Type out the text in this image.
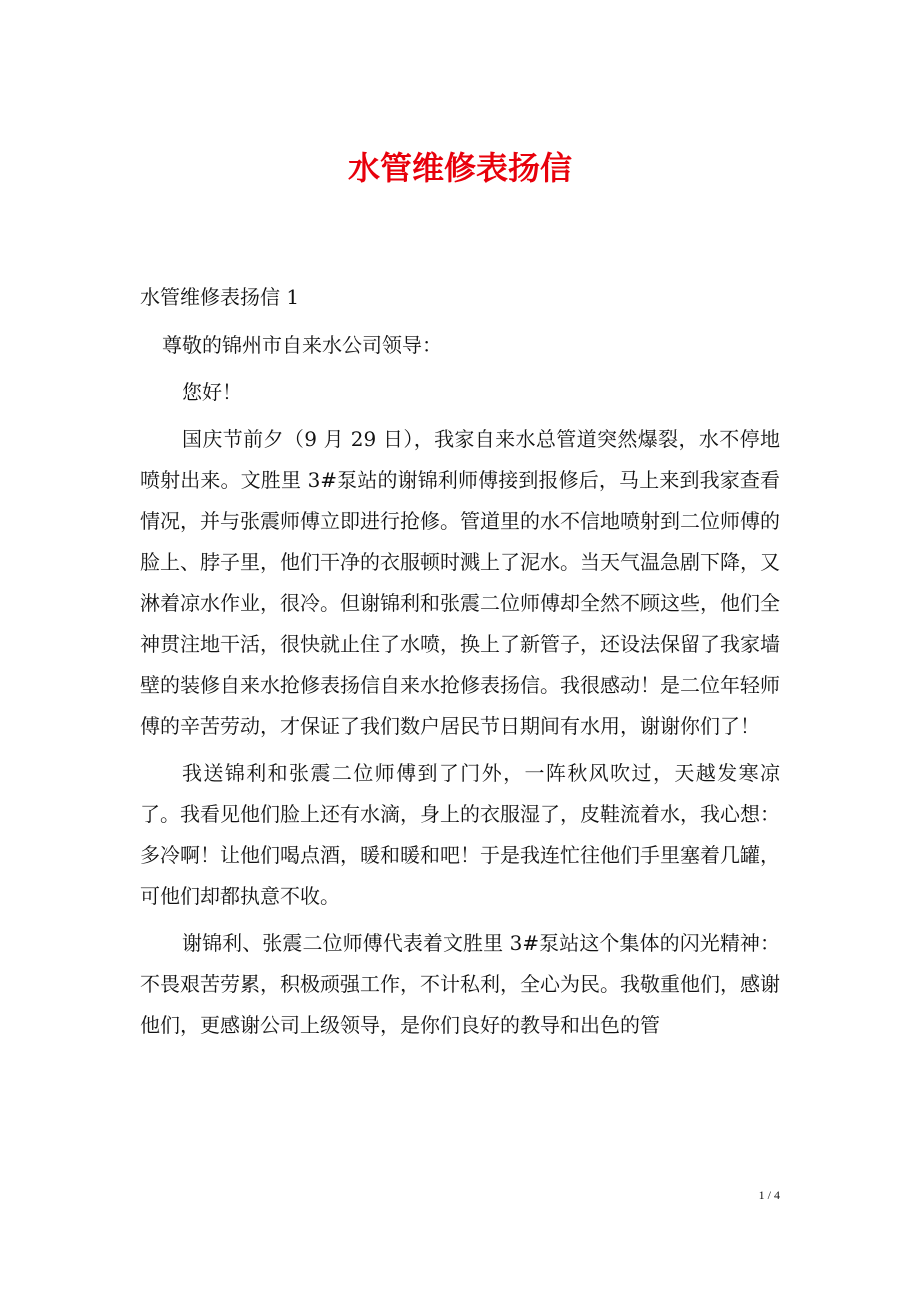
水管维修表扬信

水管维修表扬信 1

尊敬的锦州市自来水公司领导：

您好！

国庆节前夕（9 月 29 日），我家自来水总管道突然爆裂，水不停地喷射出来。文胜里 3#泵站的谢锦利师傅接到报修后，马上来到我家查看情况，并与张震师傅立即进行抢修。管道里的水不信地喷射到二位师傅的脸上、脖子里，他们干净的衣服顿时溅上了泥水。当天气温急剧下降，又淋着凉水作业，很冷。但谢锦利和张震二位师傅却全然不顾这些，他们全神贯注地干活，很快就止住了水喷，换上了新管子，还设法保留了我家墙壁的装修自来水抢修表扬信自来水抢修表扬信。我很感动！是二位年轻师傅的辛苦劳动，才保证了我们数户居民节日期间有水用，谢谢你们了！

我送锦利和张震二位师傅到了门外，一阵秋风吹过，天越发寒凉了。我看见他们脸上还有水滴，身上的衣服湿了，皮鞋流着水，我心想：多冷啊！让他们喝点酒，暖和暖和吧！于是我连忙往他们手里塞着几罐，可他们却都执意不收。

谢锦利、张震二位师傅代表着文胜里 3#泵站这个集体的闪光精神：不畏艰苦劳累，积极顽强工作，不计私利，全心为民。我敬重他们，感谢他们，更感谢公司上级领导，是你们良好的教导和出色的管

1 / 4
